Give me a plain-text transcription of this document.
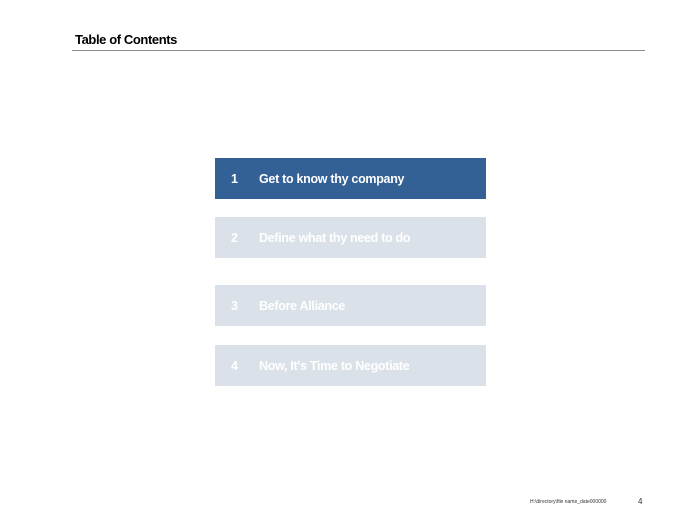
Table of Contents
1	Get to know thy company
2	Define what thy need to do
3	Before Alliance
4	Now, It's Time to Negotiate
H:\directory\file name_date000000	4
